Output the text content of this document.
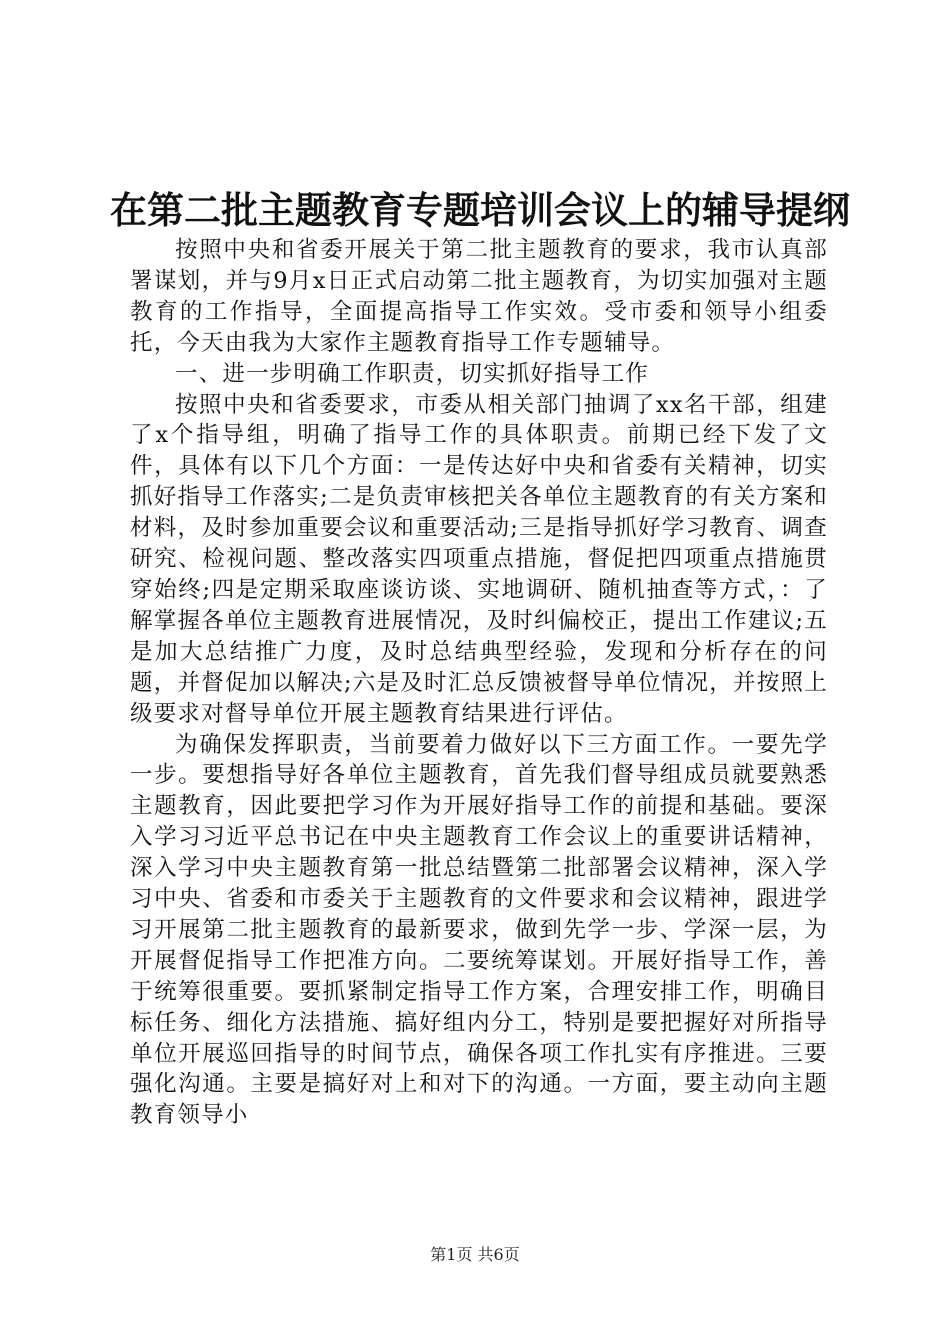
在第二批主题教育专题培训会议上的辅导提纲

按照中央和省委开展关于第二批主题教育的要求，我市认真部署谋划，并与9月x日正式启动第二批主题教育，为切实加强对主题教育的工作指导，全面提高指导工作实效。受市委和领导小组委托，今天由我为大家作主题教育指导工作专题辅导。

一、进一步明确工作职责，切实抓好指导工作

按照中央和省委要求，市委从相关部门抽调了xx名干部，组建了x个指导组，明确了指导工作的具体职责。前期已经下发了文件，具体有以下几个方面：一是传达好中央和省委有关精神，切实抓好指导工作落实;二是负责审核把关各单位主题教育的有关方案和材料，及时参加重要会议和重要活动;三是指导抓好学习教育、调查研究、检视问题、整改落实四项重点措施，督促把四项重点措施贯穿始终;四是定期采取座谈访谈、实地调研、随机抽查等方式，：了解掌握各单位主题教育进展情况，及时纠偏校正，提出工作建议;五是加大总结推广力度，及时总结典型经验，发现和分析存在的问题，并督促加以解决;六是及时汇总反馈被督导单位情况，并按照上级要求对督导单位开展主题教育结果进行评估。

为确保发挥职责，当前要着力做好以下三方面工作。一要先学一步。要想指导好各单位主题教育，首先我们督导组成员就要熟悉主题教育，因此要把学习作为开展好指导工作的前提和基础。要深入学习习近平总书记在中央主题教育工作会议上的重要讲话精神，深入学习中央主题教育第一批总结暨第二批部署会议精神，深入学习中央、省委和市委关于主题教育的文件要求和会议精神，跟进学习开展第二批主题教育的最新要求，做到先学一步、学深一层，为开展督促指导工作把准方向。二要统筹谋划。开展好指导工作，善于统筹很重要。要抓紧制定指导工作方案，合理安排工作，明确目标任务、细化方法措施、搞好组内分工，特别是要把握好对所指导单位开展巡回指导的时间节点，确保各项工作扎实有序推进。三要强化沟通。主要是搞好对上和对下的沟通。一方面，要主动向主题教育领导小

第1页 共6页
